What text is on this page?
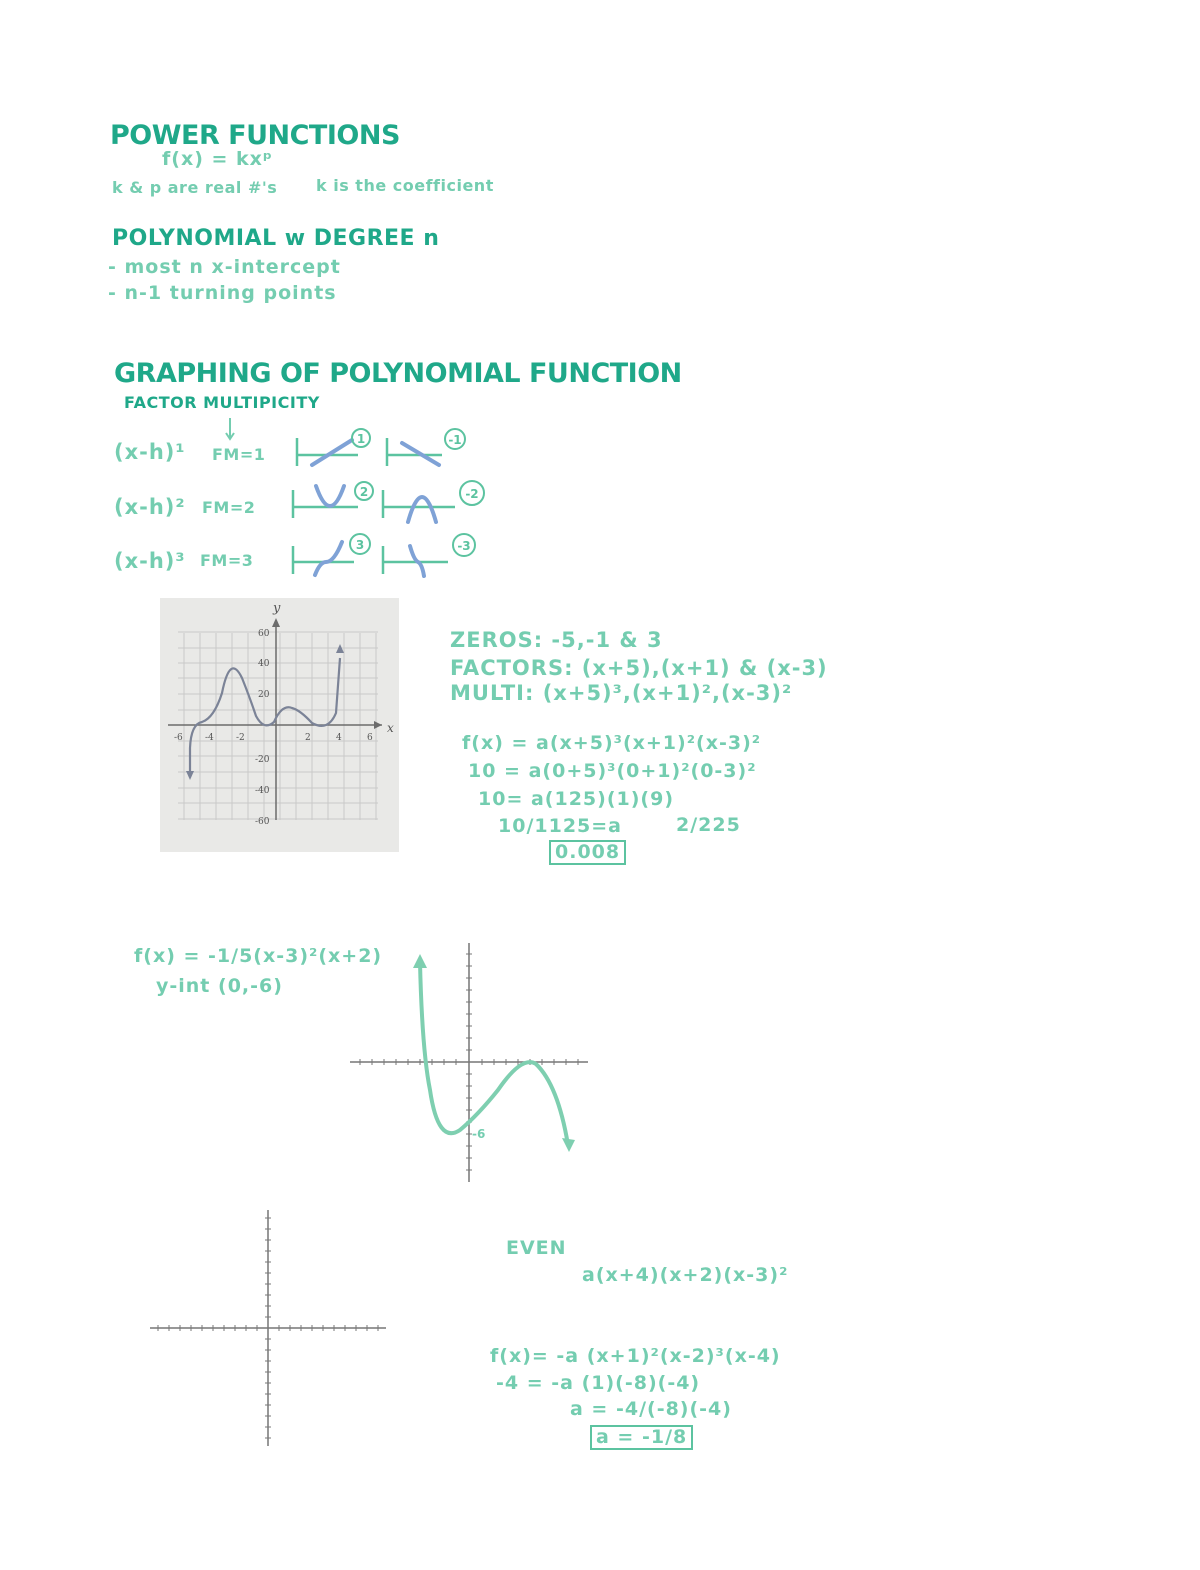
POWER FUNCTIONS
f(x) = kxᵖ
k & p are real #'s k is the coefficient
POLYNOMIAL w DEGREE n
- most n x-intercept
- n-1 turning points
GRAPHING OF POLYNOMIAL FUNCTION
FACTOR MULTIPICITY
(x-h)¹ FM=1
1	-1
(x-h)² FM=2
2	-2
(x-h)³ FM=3
3	-3
y
x
-6 -4 -2	2	4	6
60
40
20
-20
-40
-60
ZEROS: -5,-1 & 3
FACTORS: (x+5),(x+1) & (x-3)
MULTI: (x+5)³,(x+1)²,(x-3)²
f(x) = a(x+5)³(x+1)²(x-3)²
10 = a(0+5)³(0+1)²(0-3)²
10= a(125)(1)(9)
10/1125=a	2/225
0.008
f(x) = -1/5(x-3)²(x+2)
y-int (0,-6)
-6
EVEN
a(x+4)(x+2)(x-3)²
f(x)= -a (x+1)²(x-2)³(x-4)
-4 = -a (1)(-8)(-4)
a = -4/(-8)(-4)
a = -1/8
